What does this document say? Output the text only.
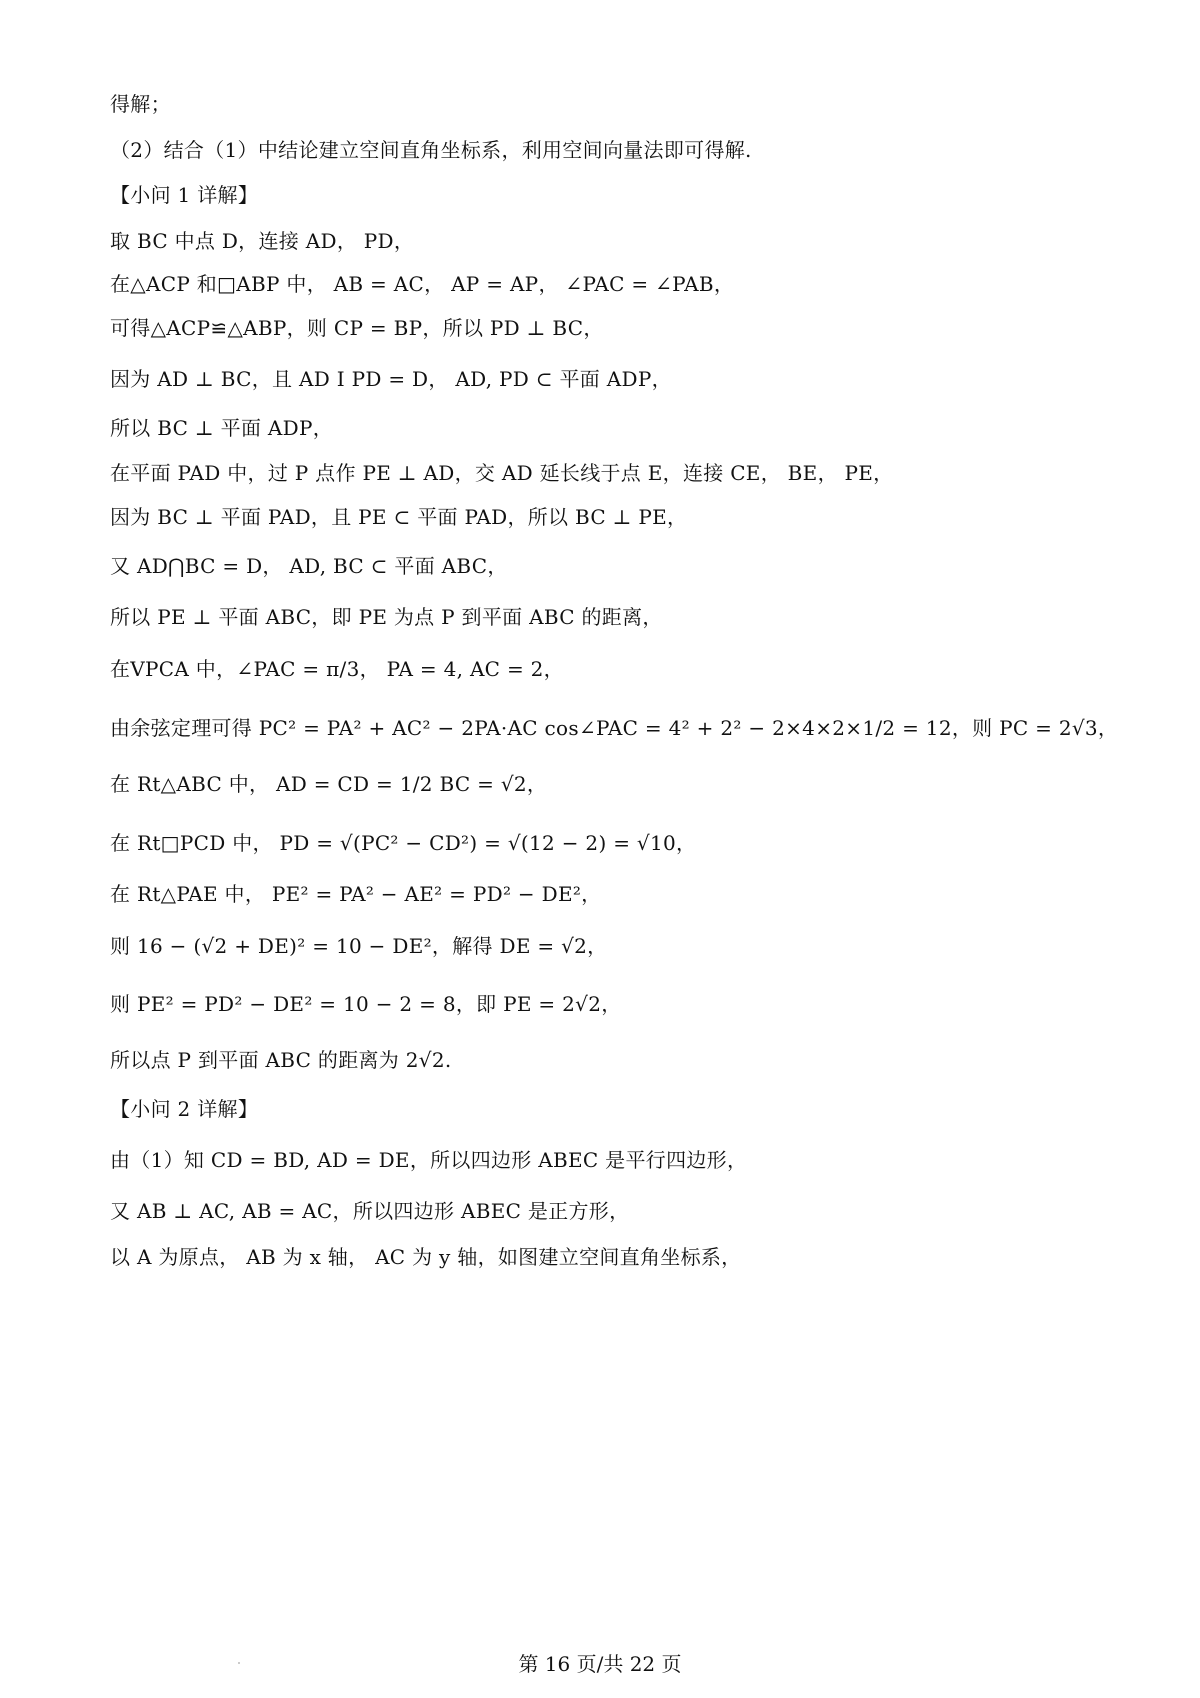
得解；
（2）结合（1）中结论建立空间直角坐标系，利用空间向量法即可得解.
【小问 1 详解】
取 BC 中点 D，连接 AD， PD，
在△ACP 和□ABP 中， AB = AC， AP = AP， ∠PAC = ∠PAB，
可得△ACP≌△ABP，则 CP = BP，所以 PD ⊥ BC，
因为 AD ⊥ BC，且 AD I PD = D， AD, PD ⊂ 平面 ADP，
所以 BC ⊥ 平面 ADP，
在平面 PAD 中，过 P 点作 PE ⊥ AD，交 AD 延长线于点 E，连接 CE， BE， PE，
因为 BC ⊥ 平面 PAD，且 PE ⊂ 平面 PAD，所以 BC ⊥ PE，
又 AD⋂BC = D， AD, BC ⊂ 平面 ABC，
所以 PE ⊥ 平面 ABC，即 PE 为点 P 到平面 ABC 的距离，
在VPCA 中，∠PAC = π/3， PA = 4, AC = 2，
由余弦定理可得 PC² = PA² + AC² − 2PA·AC cos∠PAC = 4² + 2² − 2×4×2×1/2 = 12，则 PC = 2√3，
在 Rt△ABC 中， AD = CD = 1/2 BC = √2，
在 Rt□PCD 中， PD = √(PC² − CD²) = √(12 − 2) = √10，
在 Rt△PAE 中， PE² = PA² − AE² = PD² − DE²，
则 16 − (√2 + DE)² = 10 − DE²，解得 DE = √2，
则 PE² = PD² − DE² = 10 − 2 = 8，即 PE = 2√2，
所以点 P 到平面 ABC 的距离为 2√2.
【小问 2 详解】
由（1）知 CD = BD, AD = DE，所以四边形 ABEC 是平行四边形，
又 AB ⊥ AC, AB = AC，所以四边形 ABEC 是正方形，
以 A 为原点， AB 为 x 轴， AC 为 y 轴，如图建立空间直角坐标系，
第 16 页/共 22 页
